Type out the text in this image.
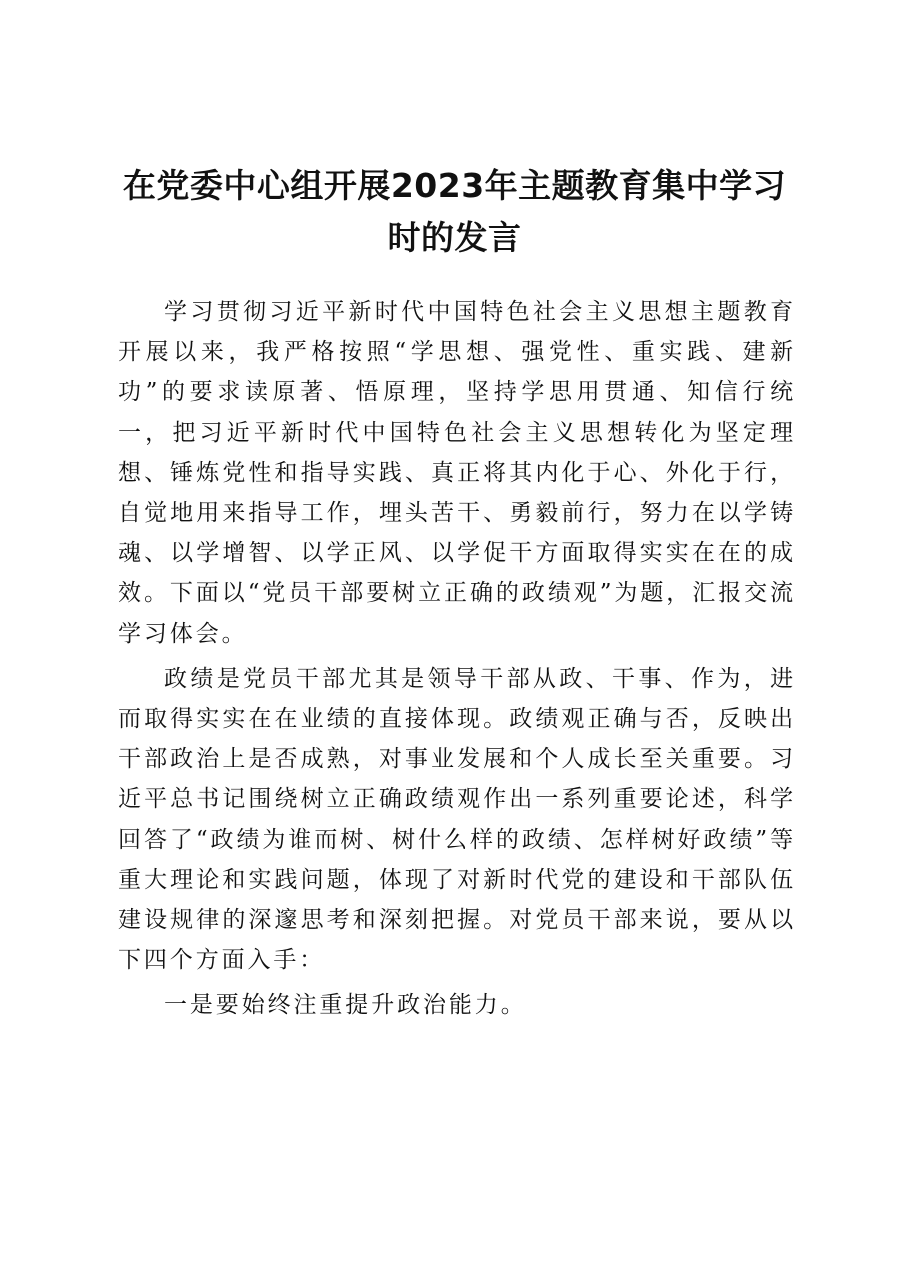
在党委中心组开展2023年主题教育集中学习
时的发言

学习贯彻习近平新时代中国特色社会主义思想主题教育开展以来，我严格按照“学思想、强党性、重实践、建新功”的要求读原著、悟原理，坚持学思用贯通、知信行统一，把习近平新时代中国特色社会主义思想转化为坚定理想、锤炼党性和指导实践、真正将其内化于心、外化于行，自觉地用来指导工作，埋头苦干、勇毅前行，努力在以学铸魂、以学增智、以学正风、以学促干方面取得实实在在的成效。下面以“党员干部要树立正确的政绩观”为题，汇报交流学习体会。

政绩是党员干部尤其是领导干部从政、干事、作为，进而取得实实在在业绩的直接体现。政绩观正确与否，反映出干部政治上是否成熟，对事业发展和个人成长至关重要。习近平总书记围绕树立正确政绩观作出一系列重要论述，科学回答了“政绩为谁而树、树什么样的政绩、怎样树好政绩”等重大理论和实践问题，体现了对新时代党的建设和干部队伍建设规律的深邃思考和深刻把握。对党员干部来说，要从以下四个方面入手：

一是要始终注重提升政治能力。
